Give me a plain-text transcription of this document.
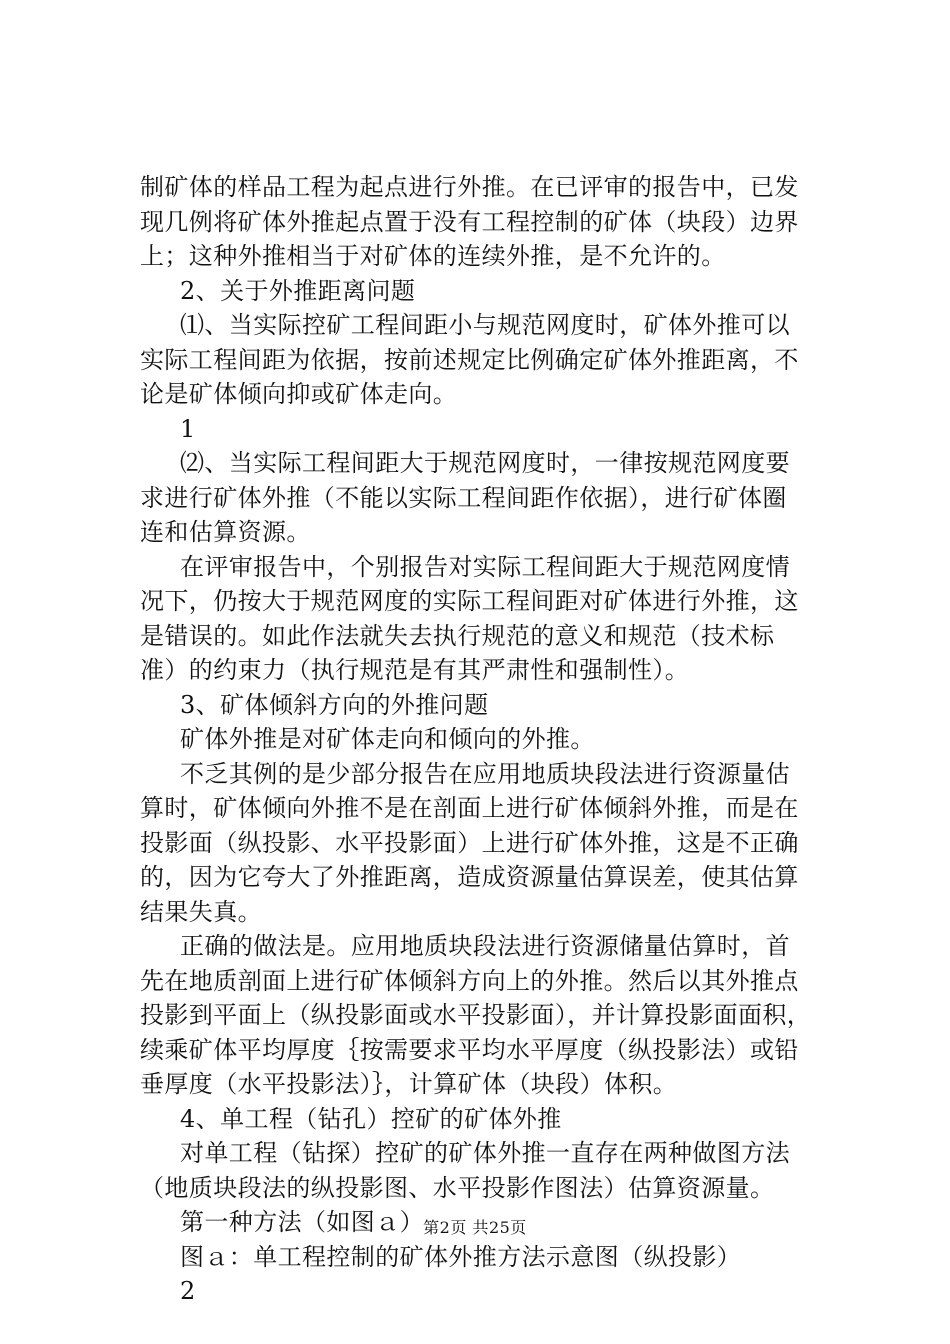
制矿体的样品工程为起点进行外推。在已评审的报告中，已发
现几例将矿体外推起点置于没有工程控制的矿体（块段）边界
上；这种外推相当于对矿体的连续外推，是不允许的。
2、关于外推距离问题
⑴、当实际控矿工程间距小与规范网度时，矿体外推可以
实际工程间距为依据，按前述规定比例确定矿体外推距离，不
论是矿体倾向抑或矿体走向。
1
⑵、当实际工程间距大于规范网度时，一律按规范网度要
求进行矿体外推（不能以实际工程间距作依据），进行矿体圈
连和估算资源。
在评审报告中，个别报告对实际工程间距大于规范网度情
况下，仍按大于规范网度的实际工程间距对矿体进行外推，这
是错误的。如此作法就失去执行规范的意义和规范（技术标
准）的约束力（执行规范是有其严肃性和强制性）。
3、矿体倾斜方向的外推问题
矿体外推是对矿体走向和倾向的外推。
不乏其例的是少部分报告在应用地质块段法进行资源量估
算时，矿体倾向外推不是在剖面上进行矿体倾斜外推，而是在
投影面（纵投影、水平投影面）上进行矿体外推，这是不正确
的，因为它夸大了外推距离，造成资源量估算误差，使其估算
结果失真。
正确的做法是。应用地质块段法进行资源储量估算时，首
先在地质剖面上进行矿体倾斜方向上的外推。然后以其外推点
投影到平面上（纵投影面或水平投影面），并计算投影面面积，
续乘矿体平均厚度｛按需要求平均水平厚度（纵投影法）或铅
垂厚度（水平投影法）｝，计算矿体（块段）体积。
4、单工程（钻孔）控矿的矿体外推
对单工程（钻探）控矿的矿体外推一直存在两种做图方法
（地质块段法的纵投影图、水平投影作图法）估算资源量。
第一种方法（如图ａ）
图ａ：单工程控制的矿体外推方法示意图（纵投影）
2
第2页 共25页
